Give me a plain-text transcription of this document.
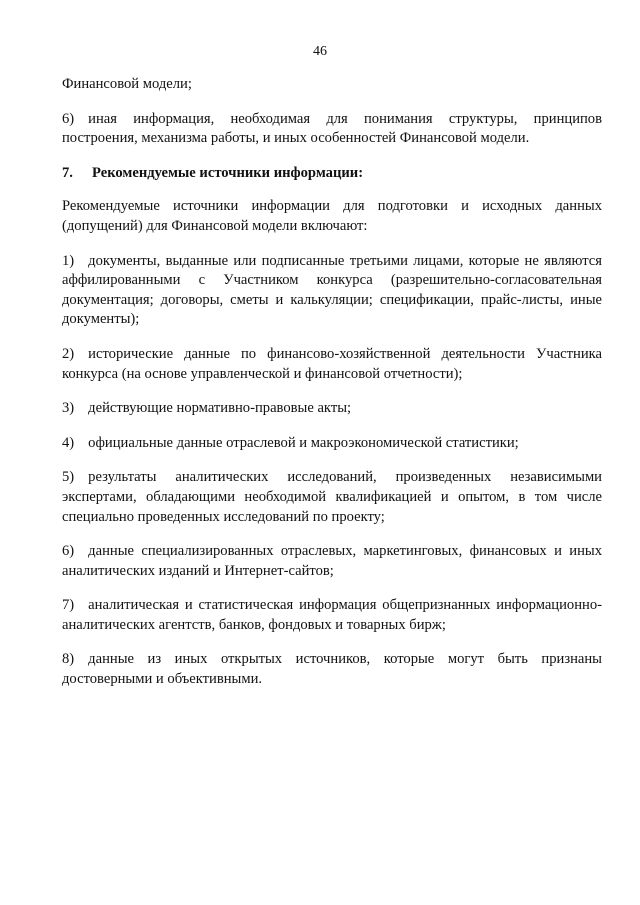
46

Финансовой модели;

6) иная информация, необходимая для понимания структуры, принципов построения, механизма работы, и иных особенностей Финансовой модели.

7.	Рекомендуемые источники информации:

Рекомендуемые источники информации для подготовки и исходных данных (допущений) для Финансовой модели включают:

1) документы, выданные или подписанные третьими лицами, которые не являются аффилированными с Участником конкурса (разрешительно-согласовательная документация; договоры, сметы и калькуляции; спецификации, прайс-листы, иные документы);

2) исторические данные по финансово-хозяйственной деятельности Участника конкурса (на основе управленческой и финансовой отчетности);

3) действующие нормативно-правовые акты;

4) официальные данные отраслевой и макроэкономической статистики;

5) результаты аналитических исследований, произведенных независимыми экспертами, обладающими необходимой квалификацией и опытом, в том числе специально проведенных исследований по проекту;

6) данные специализированных отраслевых, маркетинговых, финансовых и иных аналитических изданий и Интернет-сайтов;

7) аналитическая и статистическая информация общепризнанных информационно-аналитических агентств, банков, фондовых и товарных бирж;

8) данные из иных открытых источников, которые могут быть признаны достоверными и объективными.
